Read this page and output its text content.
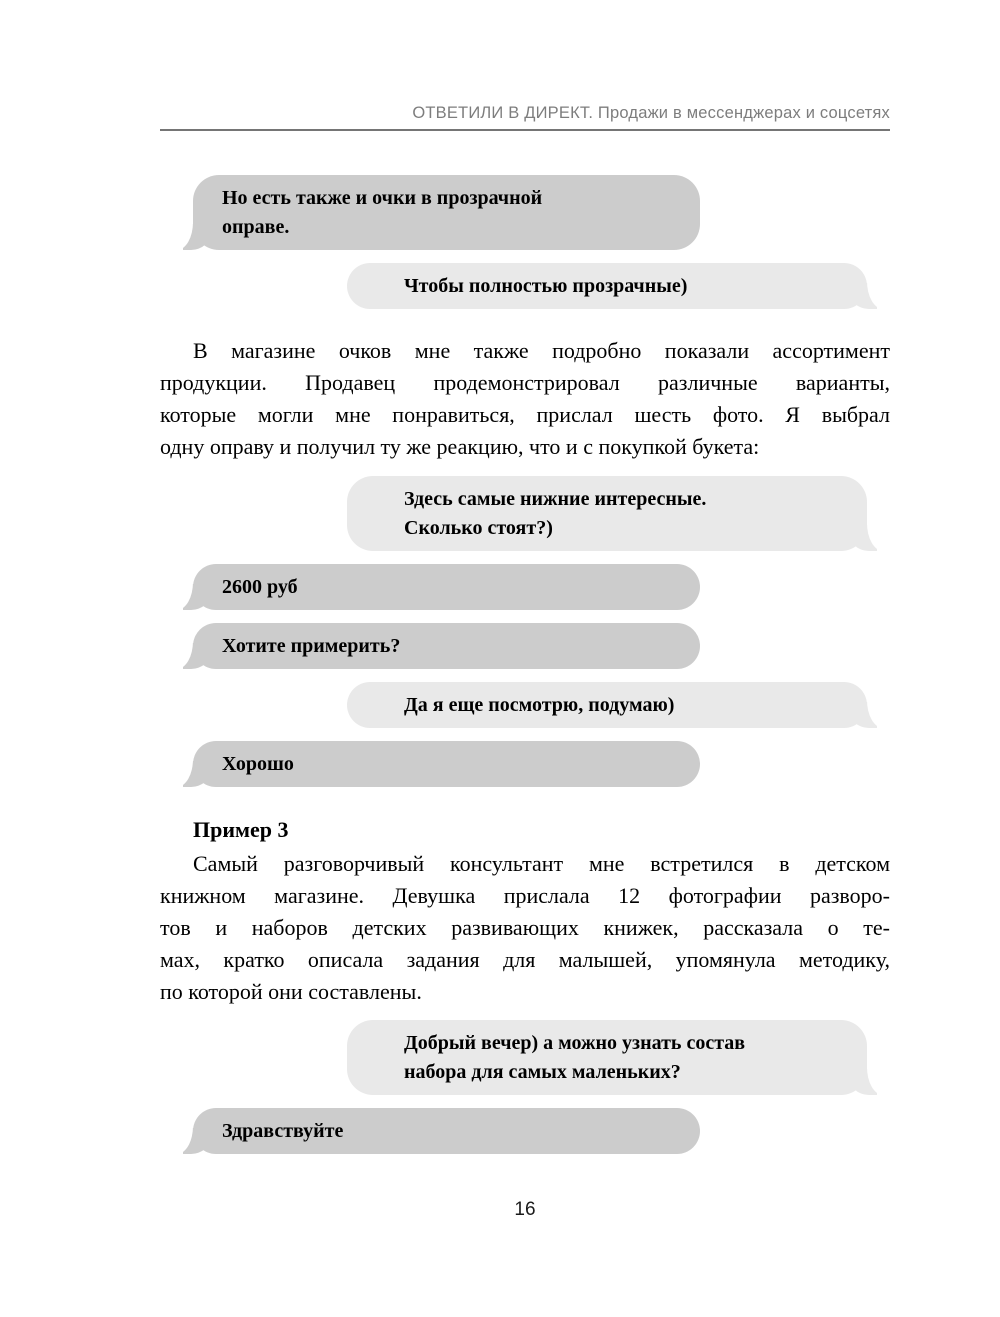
ОТВЕТИЛИ В ДИРЕКТ. Продажи в мессенджерах и соцсетях
Но есть также и очки в прозрачной
оправе.
Чтобы полностью прозрачные)
В магазине очков мне также подробно показали ассортимент
продукции. Продавец продемонстрировал различные варианты,
которые могли мне понравиться, прислал шесть фото. Я выбрал
одну оправу и получил ту же реакцию, что и с покупкой букета:
Здесь самые нижние интересные.
Сколько стоят?)
2600 руб
Хотите примерить?
Да я еще посмотрю, подумаю)
Хорошо
Пример 3
Самый разговорчивый консультант мне встретился в детском
книжном магазине. Девушка прислала 12 фотографии разворо-
тов и наборов детских развивающих книжек, рассказала о те-
мах, кратко описала задания для малышей, упомянула методику,
по которой они составлены.
Добрый вечер) а можно узнать состав
набора для самых маленьких?
Здравствуйте
16
